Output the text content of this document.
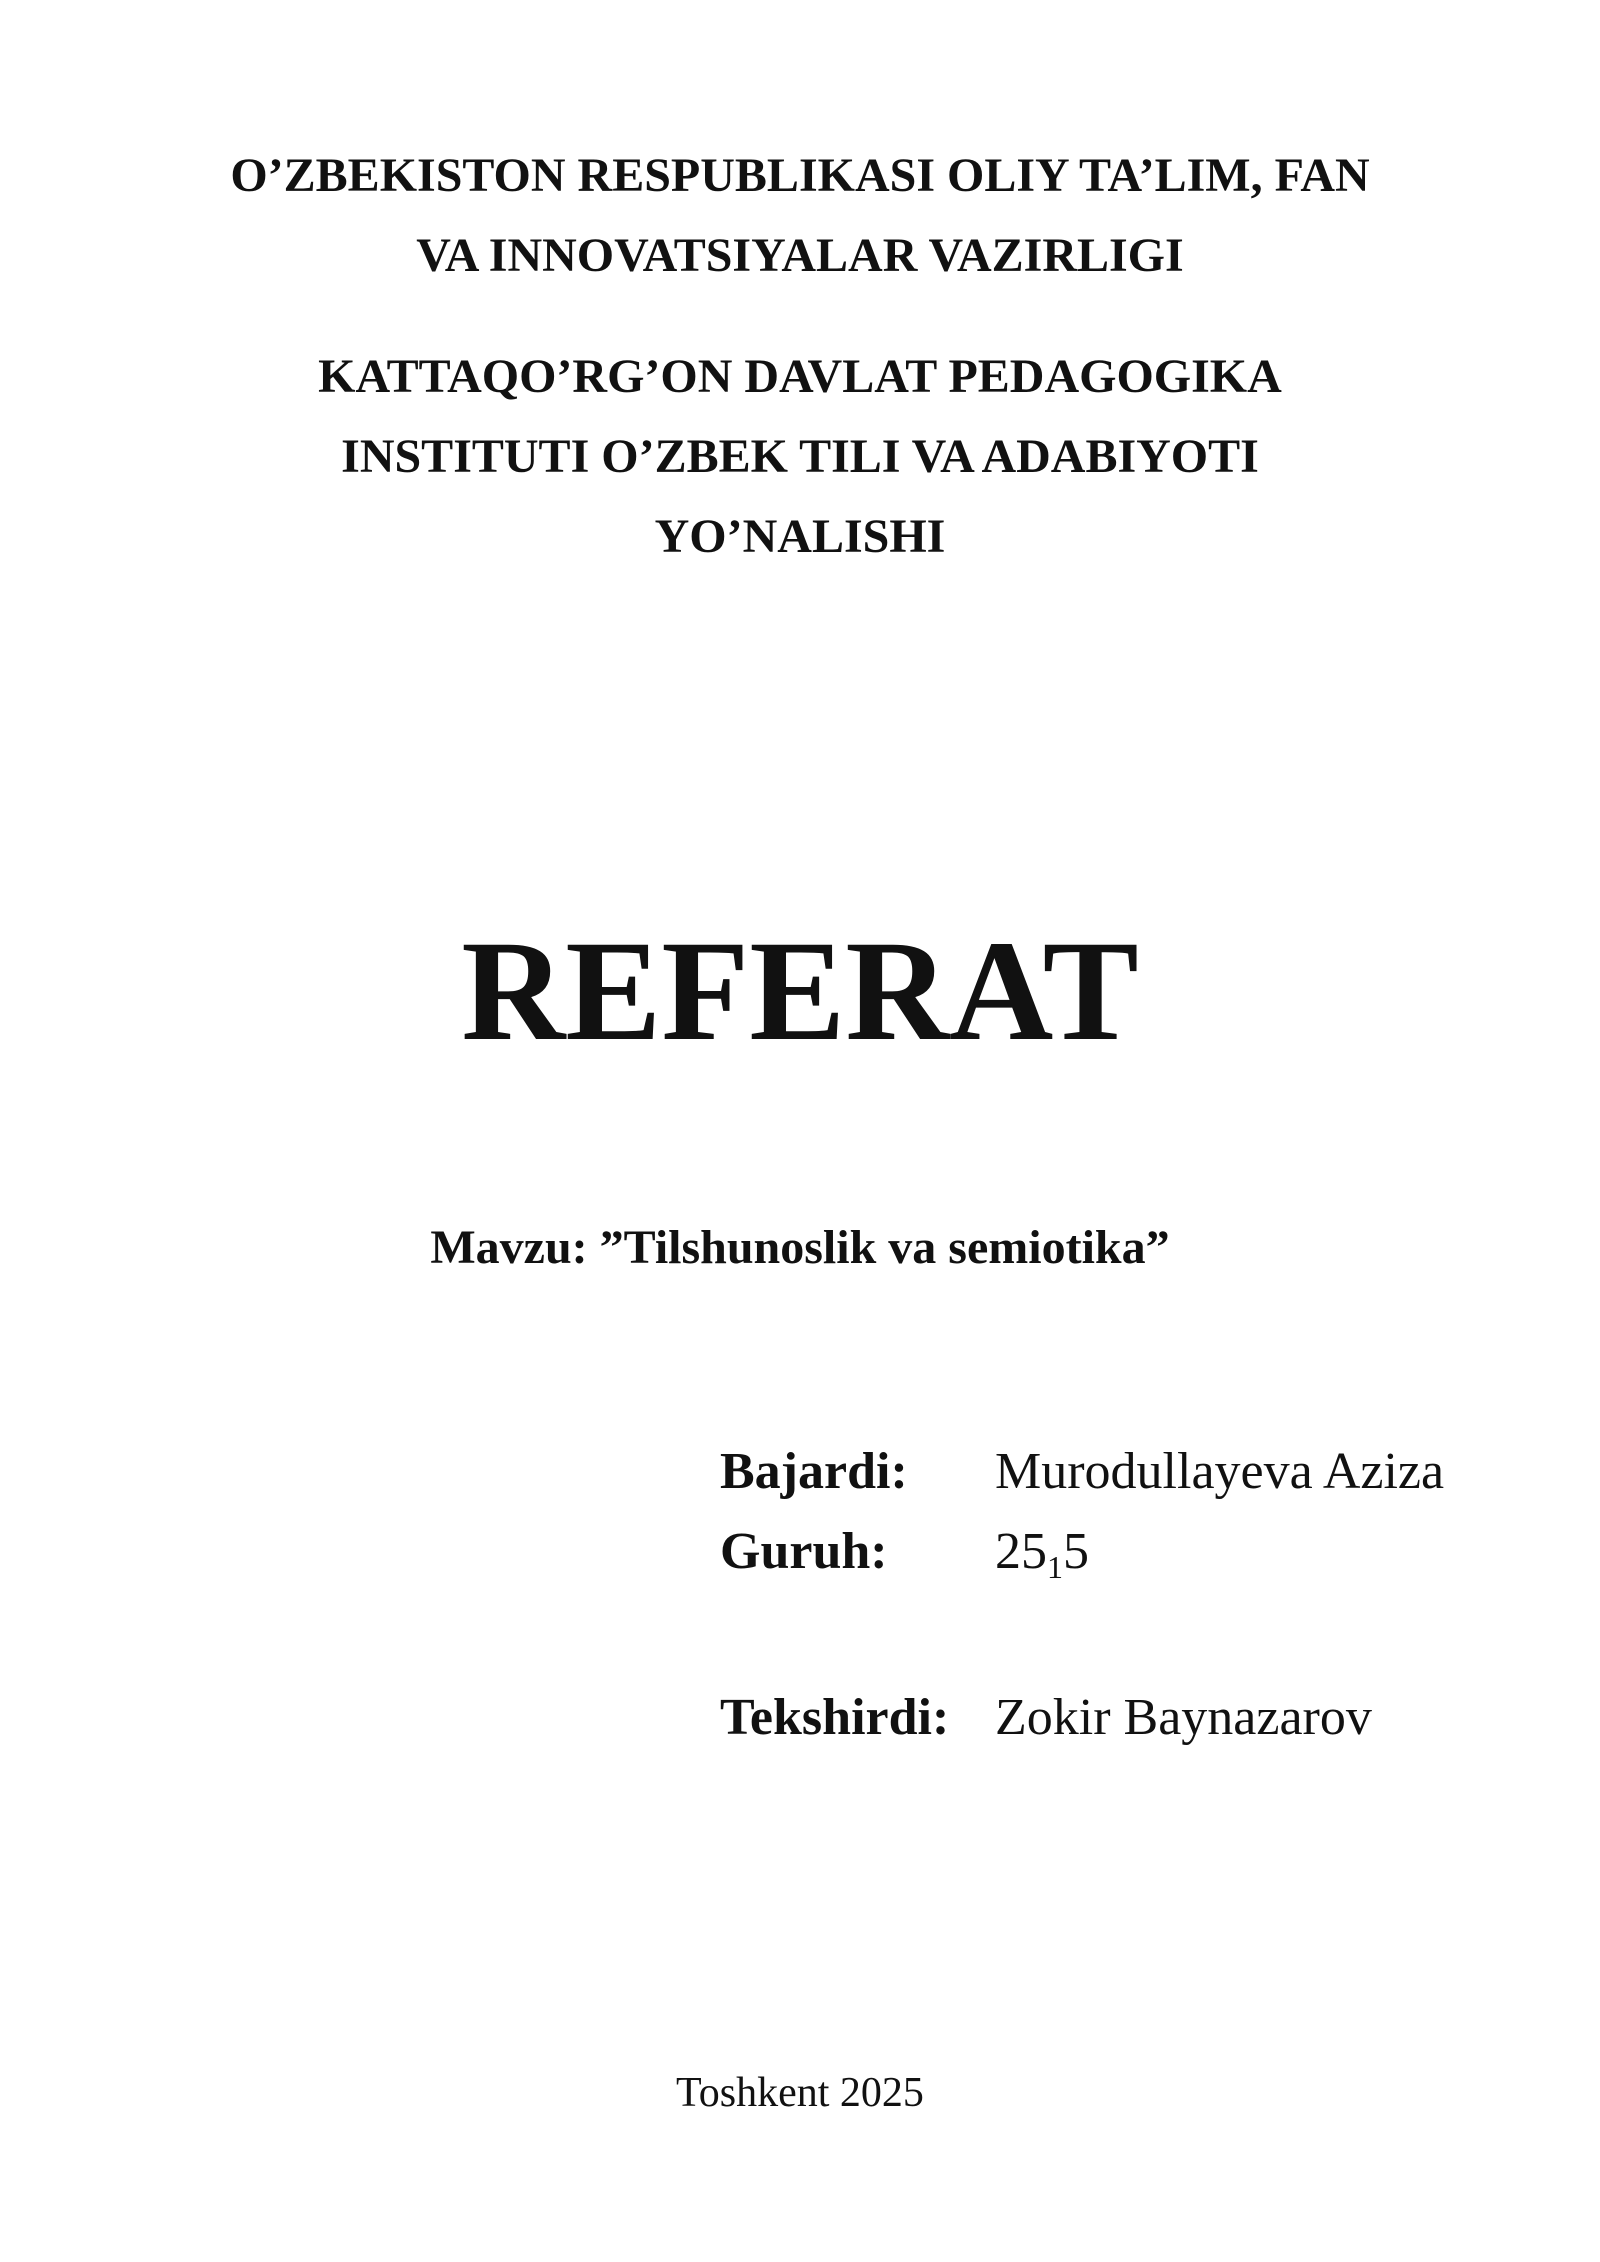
O’ZBEKISTON RESPUBLIKASI OLIY TA’LIM, FAN
VA INNOVATSIYALAR VAZIRLIGI
KATTAQO’RG’ON DAVLAT PEDAGOGIKA
INSTITUTI O’ZBEK TILI VA ADABIYOTI
YO’NALISHI
REFERAT
Mavzu: ”Tilshunoslik va semiotika”
Bajardi: Murodullayeva Aziza
Guruh: $25_15$
Tekshirdi: Zokir Baynazarov
Toshkent 2025
